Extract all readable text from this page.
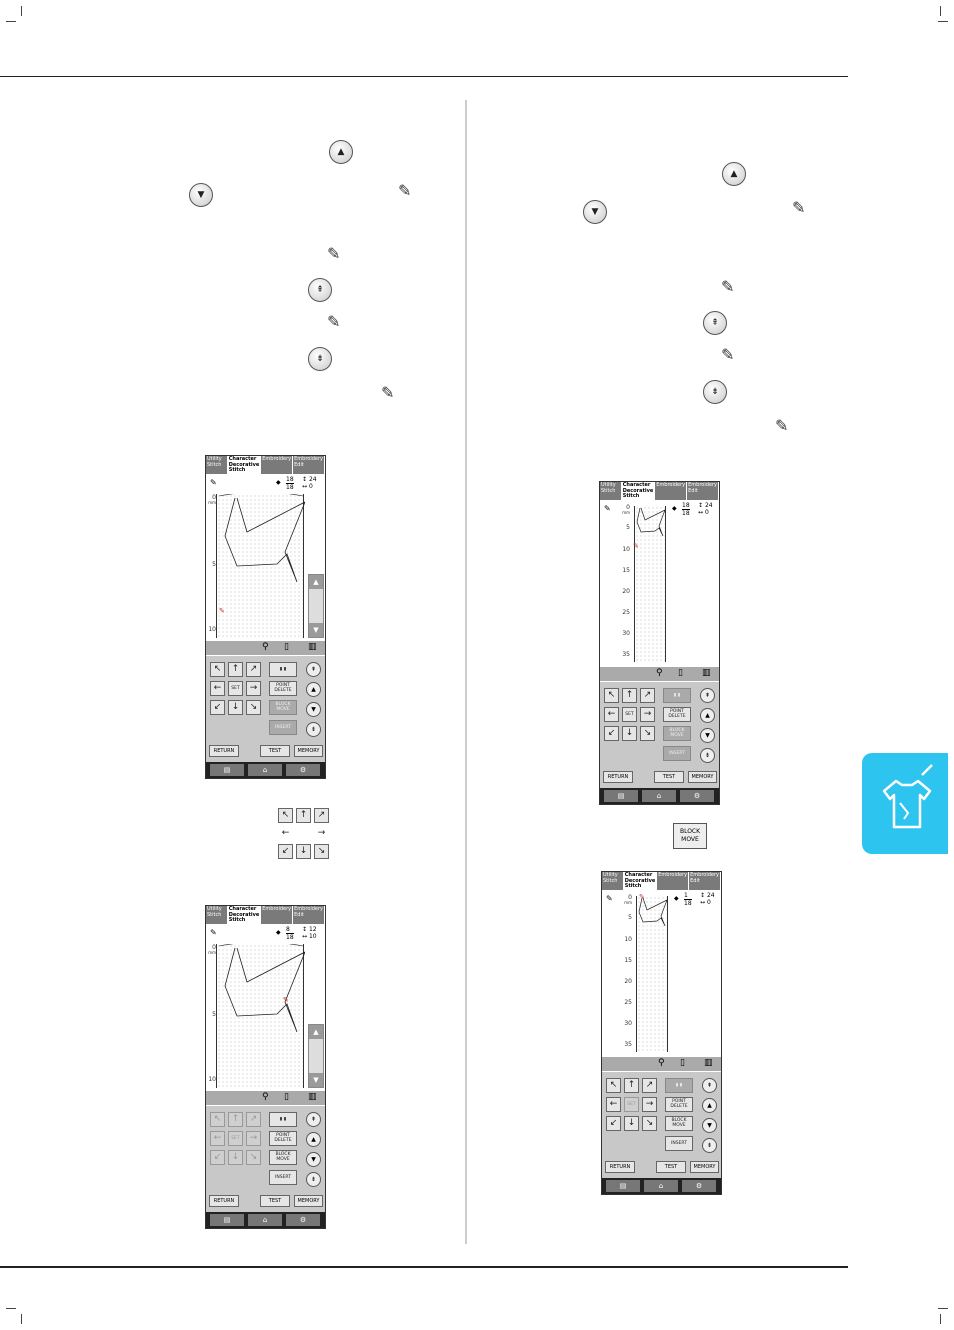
▲
▼	✎
✎
⇞
✎
⇟
✎
▲
▼	✎
✎
⇞
✎
⇟
✎
Utility Stitch
Character Decorative Stitch
Embroidery Embroidery Edit
✎	◆ 18
18
↕ 24
↔ 0
✎
0
mm
5
10
▲
▼
⚲ ▯ ▥
↖	↑	↗
←	SET	→
↙	↓	↘
▮ ▮
POINT DELETE
BLOCK MOVE
INSERT
⇞
▲
▼
⇟
RETURN	TEST	MEMORY
▤	⌂	⚙
↖	↑	↗
←	→
↙	↓	↘
Utility Stitch
Character Decorative Stitch
Embroidery Embroidery Edit
✎	◆ 8
18
↕ 12
↔ 10
✎
0
mm
5
10
▲
▼
⚲ ▯ ▥
↖	↑	↗
←	SET	→
↙	↓	↘
▮ ▮
POINT DELETE
BLOCK MOVE
INSERT
⇞
▲
▼
⇟
RETURN	TEST	MEMORY
▤	⌂	⚙
Utility Stitch
Character Decorative Stitch
Embroidery Embroidery Edit
✎	◆ 18
18
↕ 24
↔ 0
✎
0
mm
5
10
15
20
25
30
35
⚲ ▯ ▥
↖	↑	↗
←	SET	→
↙	↓	↘
▮ ▮
POINT DELETE
BLOCK MOVE
INSERT
⇞
▲
▼
⇟
RETURN	TEST	MEMORY
▤	⌂	⚙
BLOCK MOVE
Utility Stitch
Character Decorative Stitch
Embroidery Embroidery Edit
✎	◆ 1
18
↕ 24
↔ 0
✎
0
mm
5
10
15
20
25
30
35
⚲ ▯ ▥
↖	↑	↗
←	SET	→
↙	↓	↘
▮ ▮
POINT DELETE
BLOCK MOVE
INSERT
⇞
▲
▼
⇟
RETURN	TEST	MEMORY
▤	⌂	⚙
